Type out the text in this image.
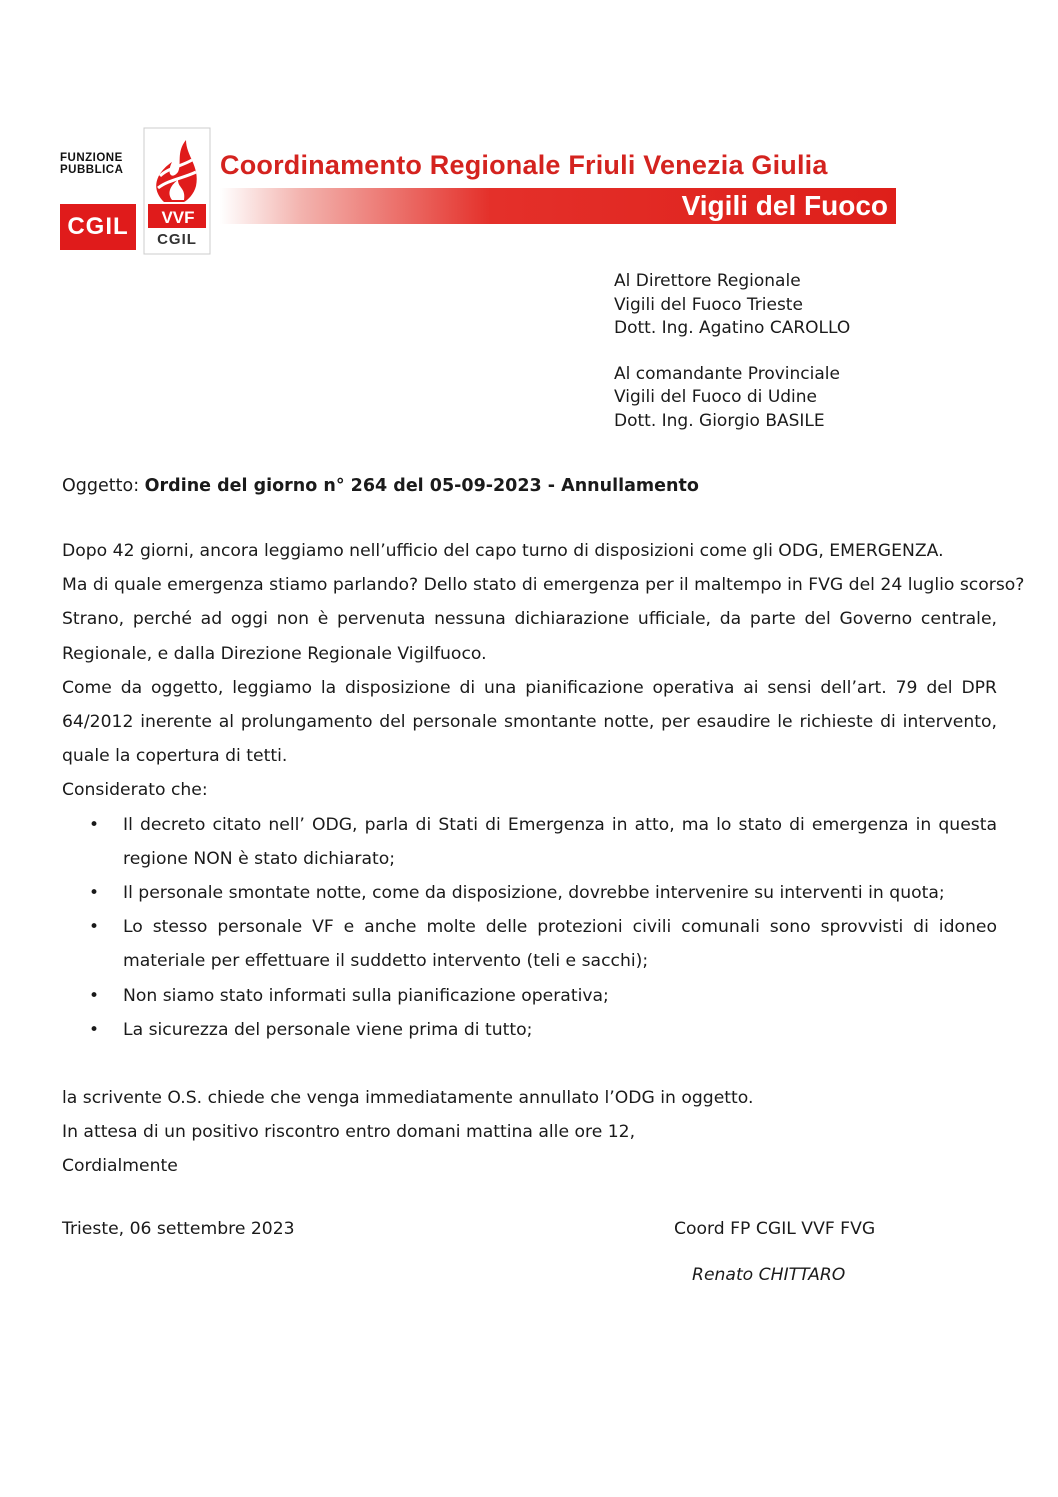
FUNZIONE
PUBBLICA
CGIL	VVF
CGIL
Coordinamento Regionale Friuli Venezia Giulia
Vigili del Fuoco
Al Direttore Regionale
Vigili del Fuoco Trieste
Dott. Ing. Agatino CAROLLO
Al comandante Provinciale
Vigili del Fuoco di Udine
Dott. Ing. Giorgio BASILE
Oggetto: Ordine del giorno n° 264 del 05-09-2023 - Annullamento

Dopo 42 giorni, ancora leggiamo nell’ufficio del capo turno di disposizioni come gli ODG, EMERGENZA.

Ma di quale emergenza stiamo parlando? Dello stato di emergenza per il maltempo in FVG del 24 luglio scorso?

Strano, perché ad oggi non è pervenuta nessuna dichiarazione ufficiale, da parte del Governo centrale, Regionale, e dalla Direzione Regionale Vigilfuoco.

Come da oggetto, leggiamo la disposizione di una pianificazione operativa ai sensi dell’art. 79 del DPR 64/2012 inerente al prolungamento del personale smontante notte, per esaudire le richieste di intervento, quale la copertura di tetti.

Considerato che:

• Il decreto citato nell’ ODG, parla di Stati di Emergenza in atto, ma lo stato di emergenza in questa regione NON è stato dichiarato;
• Il personale smontate notte, come da disposizione, dovrebbe intervenire su interventi in quota;
• Lo stesso personale VF e anche molte delle protezioni civili comunali sono sprovvisti di idoneo materiale per effettuare il suddetto intervento (teli e sacchi);
• Non siamo stato informati sulla pianificazione operativa;
• La sicurezza del personale viene prima di tutto;

la scrivente O.S. chiede che venga immediatamente annullato l’ODG in oggetto.

In attesa di un positivo riscontro entro domani mattina alle ore 12,

Cordialmente

Trieste, 06 settembre 2023	Coord FP CGIL VVF FVG
Renato CHITTARO
